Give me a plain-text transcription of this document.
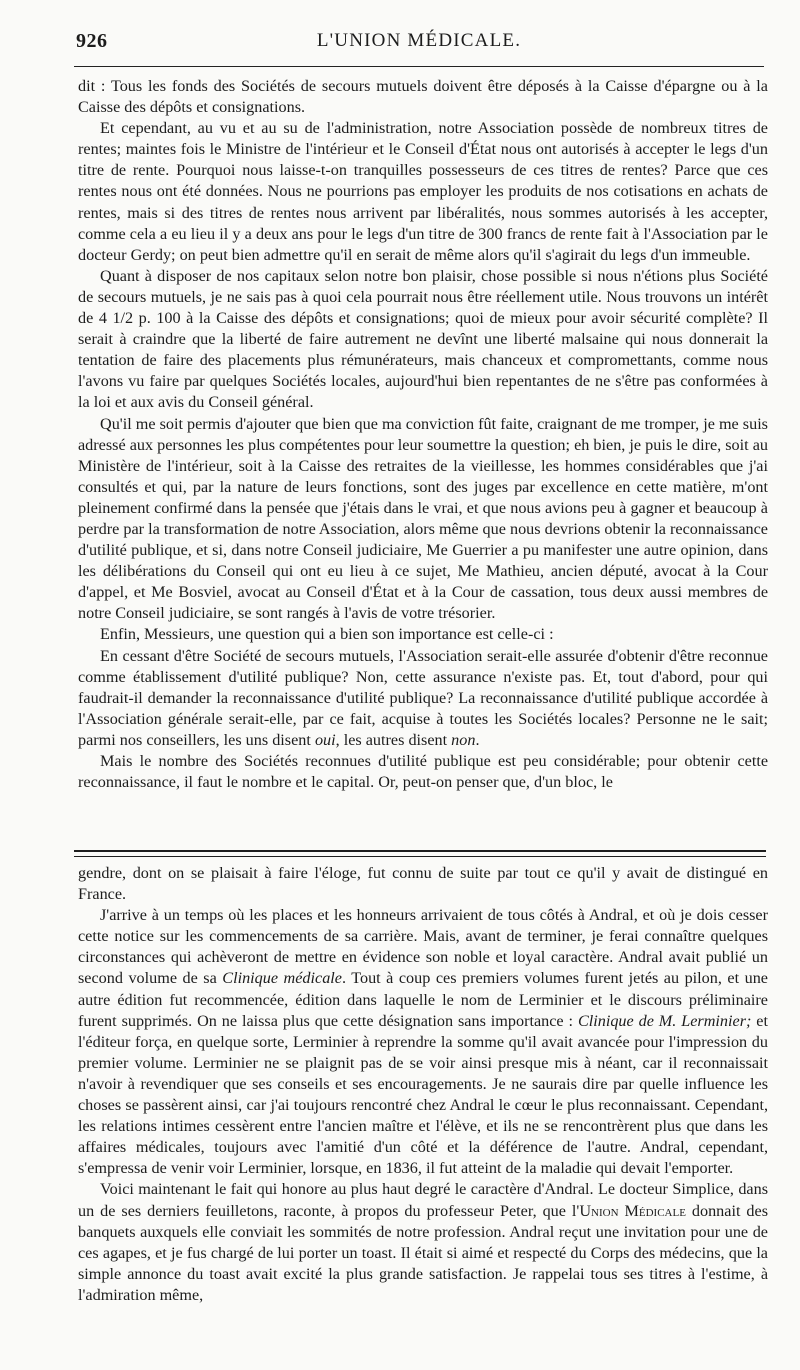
926	L'UNION MÉDICALE.

dit : Tous les fonds des Sociétés de secours mutuels doivent être déposés à la Caisse d'épargne ou à la Caisse des dépôts et consignations.

Et cependant, au vu et au su de l'administration, notre Association possède de nombreux titres de rentes; maintes fois le Ministre de l'intérieur et le Conseil d'État nous ont autorisés à accepter le legs d'un titre de rente. Pourquoi nous laisse-t-on tranquilles possesseurs de ces titres de rentes? Parce que ces rentes nous ont été données. Nous ne pourrions pas employer les produits de nos cotisations en achats de rentes, mais si des titres de rentes nous arrivent par libéralités, nous sommes autorisés à les accepter, comme cela a eu lieu il y a deux ans pour le legs d'un titre de 300 francs de rente fait à l'Association par le docteur Gerdy; on peut bien admettre qu'il en serait de même alors qu'il s'agirait du legs d'un immeuble.

Quant à disposer de nos capitaux selon notre bon plaisir, chose possible si nous n'étions plus Société de secours mutuels, je ne sais pas à quoi cela pourrait nous être réellement utile. Nous trouvons un intérêt de 4 1/2 p. 100 à la Caisse des dépôts et consignations; quoi de mieux pour avoir sécurité complète? Il serait à craindre que la liberté de faire autrement ne devînt une liberté malsaine qui nous donnerait la tentation de faire des placements plus rémunérateurs, mais chanceux et compromettants, comme nous l'avons vu faire par quelques Sociétés locales, aujourd'hui bien repentantes de ne s'être pas conformées à la loi et aux avis du Conseil général.

Qu'il me soit permis d'ajouter que bien que ma conviction fût faite, craignant de me tromper, je me suis adressé aux personnes les plus compétentes pour leur soumettre la question; eh bien, je puis le dire, soit au Ministère de l'intérieur, soit à la Caisse des retraites de la vieillesse, les hommes considérables que j'ai consultés et qui, par la nature de leurs fonctions, sont des juges par excellence en cette matière, m'ont pleinement confirmé dans la pensée que j'étais dans le vrai, et que nous avions peu à gagner et beaucoup à perdre par la transformation de notre Association, alors même que nous devrions obtenir la reconnaissance d'utilité publique, et si, dans notre Conseil judiciaire, Me Guerrier a pu manifester une autre opinion, dans les délibérations du Conseil qui ont eu lieu à ce sujet, Me Mathieu, ancien député, avocat à la Cour d'appel, et Me Bosviel, avocat au Conseil d'État et à la Cour de cassation, tous deux aussi membres de notre Conseil judiciaire, se sont rangés à l'avis de votre trésorier.

Enfin, Messieurs, une question qui a bien son importance est celle-ci :

En cessant d'être Société de secours mutuels, l'Association serait-elle assurée d'obtenir d'être reconnue comme établissement d'utilité publique? Non, cette assurance n'existe pas. Et, tout d'abord, pour qui faudrait-il demander la reconnaissance d'utilité publique? La reconnaissance d'utilité publique accordée à l'Association générale serait-elle, par ce fait, acquise à toutes les Sociétés locales? Personne ne le sait; parmi nos conseillers, les uns disent oui, les autres disent non.

Mais le nombre des Sociétés reconnues d'utilité publique est peu considérable; pour obtenir cette reconnaissance, il faut le nombre et le capital. Or, peut-on penser que, d'un bloc, le

gendre, dont on se plaisait à faire l'éloge, fut connu de suite par tout ce qu'il y avait de distingué en France.

J'arrive à un temps où les places et les honneurs arrivaient de tous côtés à Andral, et où je dois cesser cette notice sur les commencements de sa carrière. Mais, avant de terminer, je ferai connaître quelques circonstances qui achèveront de mettre en évidence son noble et loyal caractère. Andral avait publié un second volume de sa Clinique médicale. Tout à coup ces premiers volumes furent jetés au pilon, et une autre édition fut recommencée, édition dans laquelle le nom de Lerminier et le discours préliminaire furent supprimés. On ne laissa plus que cette désignation sans importance : Clinique de M. Lerminier; et l'éditeur força, en quelque sorte, Lerminier à reprendre la somme qu'il avait avancée pour l'impression du premier volume. Lerminier ne se plaignit pas de se voir ainsi presque mis à néant, car il reconnaissait n'avoir à revendiquer que ses conseils et ses encouragements. Je ne saurais dire par quelle influence les choses se passèrent ainsi, car j'ai toujours rencontré chez Andral le cœur le plus reconnaissant. Cependant, les relations intimes cessèrent entre l'ancien maître et l'élève, et ils ne se rencontrèrent plus que dans les affaires médicales, toujours avec l'amitié d'un côté et la déférence de l'autre. Andral, cependant, s'empressa de venir voir Lerminier, lorsque, en 1836, il fut atteint de la maladie qui devait l'emporter.

Voici maintenant le fait qui honore au plus haut degré le caractère d'Andral. Le docteur Simplice, dans un de ses derniers feuilletons, raconte, à propos du professeur Peter, que l'Union Médicale donnait des banquets auxquels elle conviait les sommités de notre profession. Andral reçut une invitation pour une de ces agapes, et je fus chargé de lui porter un toast. Il était si aimé et respecté du Corps des médecins, que la simple annonce du toast avait excité la plus grande satisfaction. Je rappelai tous ses titres à l'estime, à l'admiration même,
